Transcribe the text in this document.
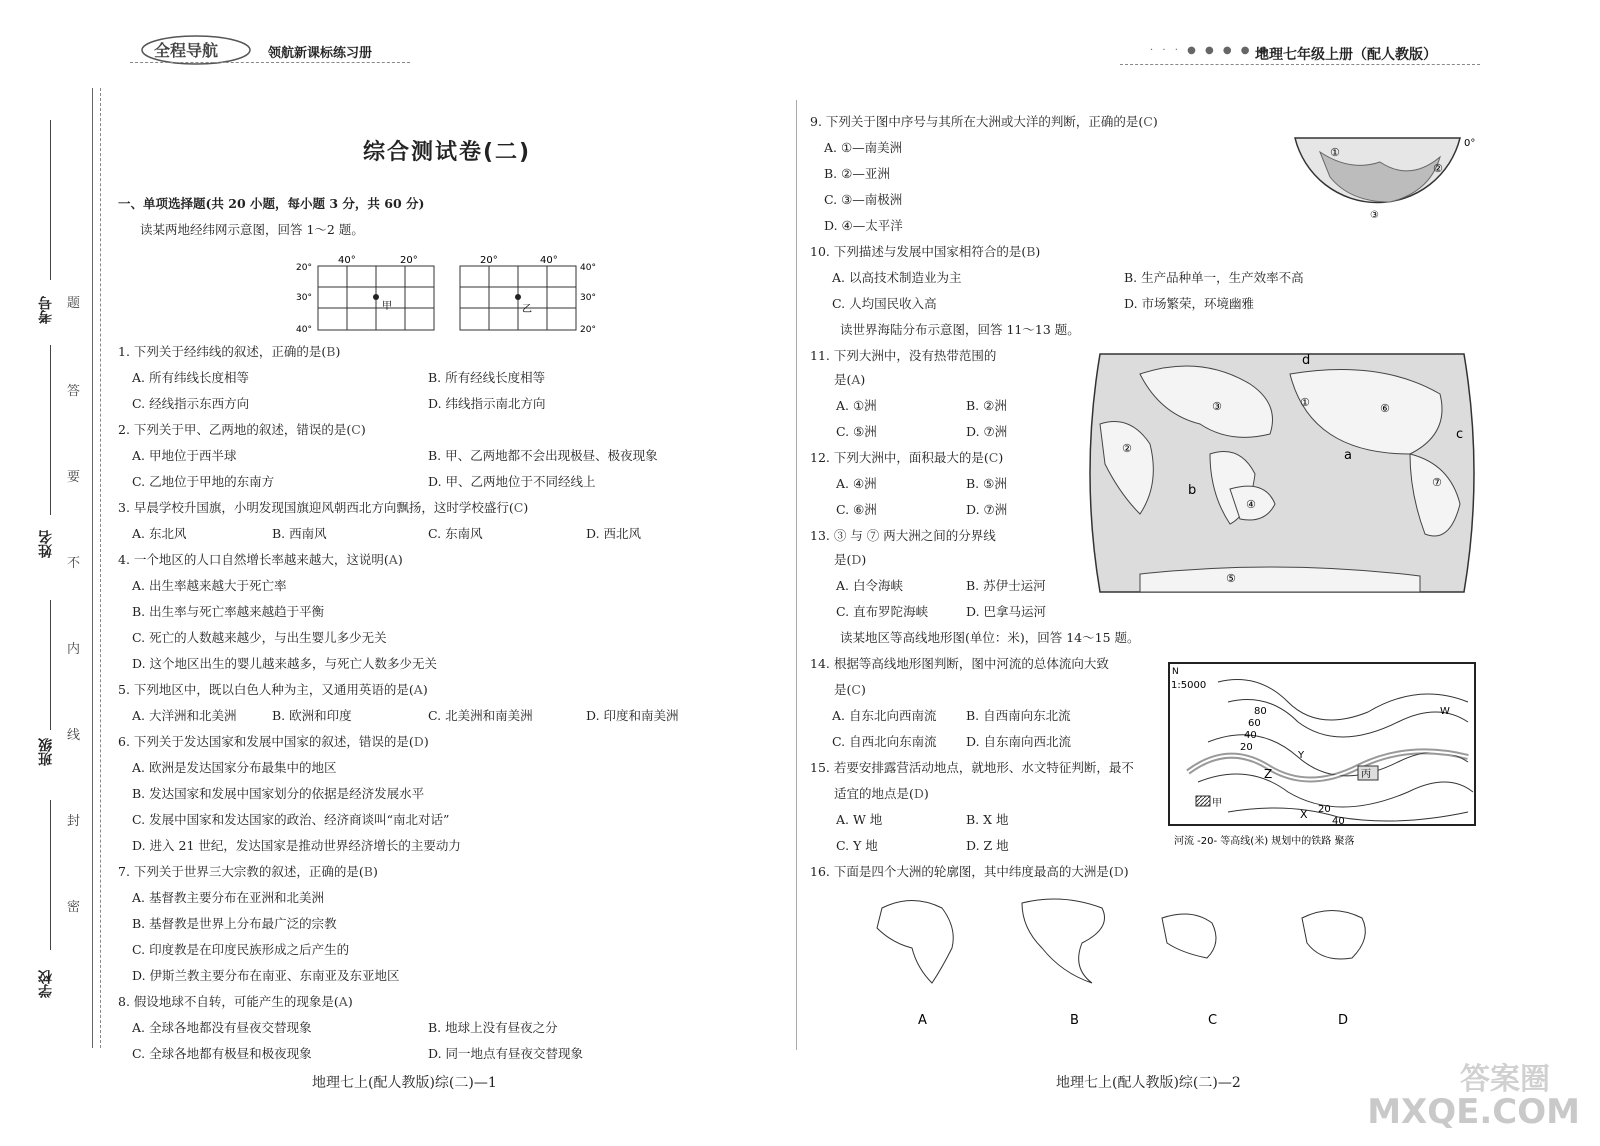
全程导航	领航新课标练习册	· · · ● ● ● ● ●
地理七年级上册（配人教版）
考号
姓名
班级
学校
题
答
要
不
内
线
封
密
综合测试卷(二)
一、单项选择题(共 20 小题，每小题 3 分，共 60 分)
读某两地经纬网示意图，回答 1～2 题。
40°	20°
甲
20°
30°
40°
20°	40°
乙
40°
30°
20°
1. 下列关于经纬线的叙述，正确的是(B)
A. 所有纬线长度相等	B. 所有经线长度相等
C. 经线指示东西方向	D. 纬线指示南北方向
2. 下列关于甲、乙两地的叙述，错误的是(C)
A. 甲地位于西半球	B. 甲、乙两地都不会出现极昼、极夜现象
C. 乙地位于甲地的东南方	D. 甲、乙两地位于不同经线上
3. 早晨学校升国旗，小明发现国旗迎风朝西北方向飘扬，这时学校盛行(C)
A. 东北风	B. 西南风	C. 东南风	D. 西北风
4. 一个地区的人口自然增长率越来越大，这说明(A)
A. 出生率越来越大于死亡率
B. 出生率与死亡率越来越趋于平衡
C. 死亡的人数越来越少，与出生婴儿多少无关
D. 这个地区出生的婴儿越来越多，与死亡人数多少无关
5. 下列地区中，既以白色人种为主，又通用英语的是(A)
A. 大洋洲和北美洲	B. 欧洲和印度	C. 北美洲和南美洲	D. 印度和南美洲
6. 下列关于发达国家和发展中国家的叙述，错误的是(D)
A. 欧洲是发达国家分布最集中的地区
B. 发达国家和发展中国家划分的依据是经济发展水平
C. 发展中国家和发达国家的政治、经济商谈叫“南北对话”
D. 进入 21 世纪，发达国家是推动世界经济增长的主要动力
7. 下列关于世界三大宗教的叙述，正确的是(B)
A. 基督教主要分布在亚洲和北美洲
B. 基督教是世界上分布最广泛的宗教
C. 印度教是在印度民族形成之后产生的
D. 伊斯兰教主要分布在南亚、东南亚及东亚地区
8. 假设地球不自转，可能产生的现象是(A)
A. 全球各地都没有昼夜交替现象	B. 地球上没有昼夜之分
C. 全球各地都有极昼和极夜现象	D. 同一地点有昼夜交替现象
9. 下列关于图中序号与其所在大洲或大洋的判断，正确的是(C)
A. ①—南美洲
B. ②—亚洲
C. ③—南极洲
D. ④—太平洋
①
②
③
0°
10. 下列描述与发展中国家相符合的是(B)
A. 以高技术制造业为主	B. 生产品种单一，生产效率不高
C. 人均国民收入高	D. 市场繁荣，环境幽雅
读世界海陆分布示意图，回答 11～13 题。
11. 下列大洲中，没有热带范围的
是(A)
A. ①洲	B. ②洲
C. ⑤洲	D. ⑦洲
12. 下列大洲中，面积最大的是(C)
A. ④洲	B. ⑤洲
C. ⑥洲	D. ⑦洲
13. ③ 与 ⑦ 两大洲之间的分界线
是(D)
A. 白令海峡	B. 苏伊士运河
C. 直布罗陀海峡	D. 巴拿马运河
①
②
③
④
⑤
⑥
⑦
a
b
c
d
读某地区等高线地形图(单位：米)，回答 14～15 题。
14. 根据等高线地形图判断，图中河流的总体流向大致
是(C)
A. 自东北向西南流 B. 自西南向东北流
C. 自西北向东南流 D. 自东南向西北流
15. 若要安排露营活动地点，就地形、水文特征判断，最不
适宜的地点是(D)
A. W 地	B. X 地
C. Y 地	D. Z 地
N
1:5000
80
60
40
20
20
40
W
Y
Z
X
丙
甲
河流 -20- 等高线(米) 规划中的铁路 聚落
16. 下面是四个大洲的轮廓图，其中纬度最高的大洲是(D)
A	B	C	D
地理七上(配人教版)综(二)—1	地理七上(配人教版)综(二)—2	答案圈
MXQE.COM
